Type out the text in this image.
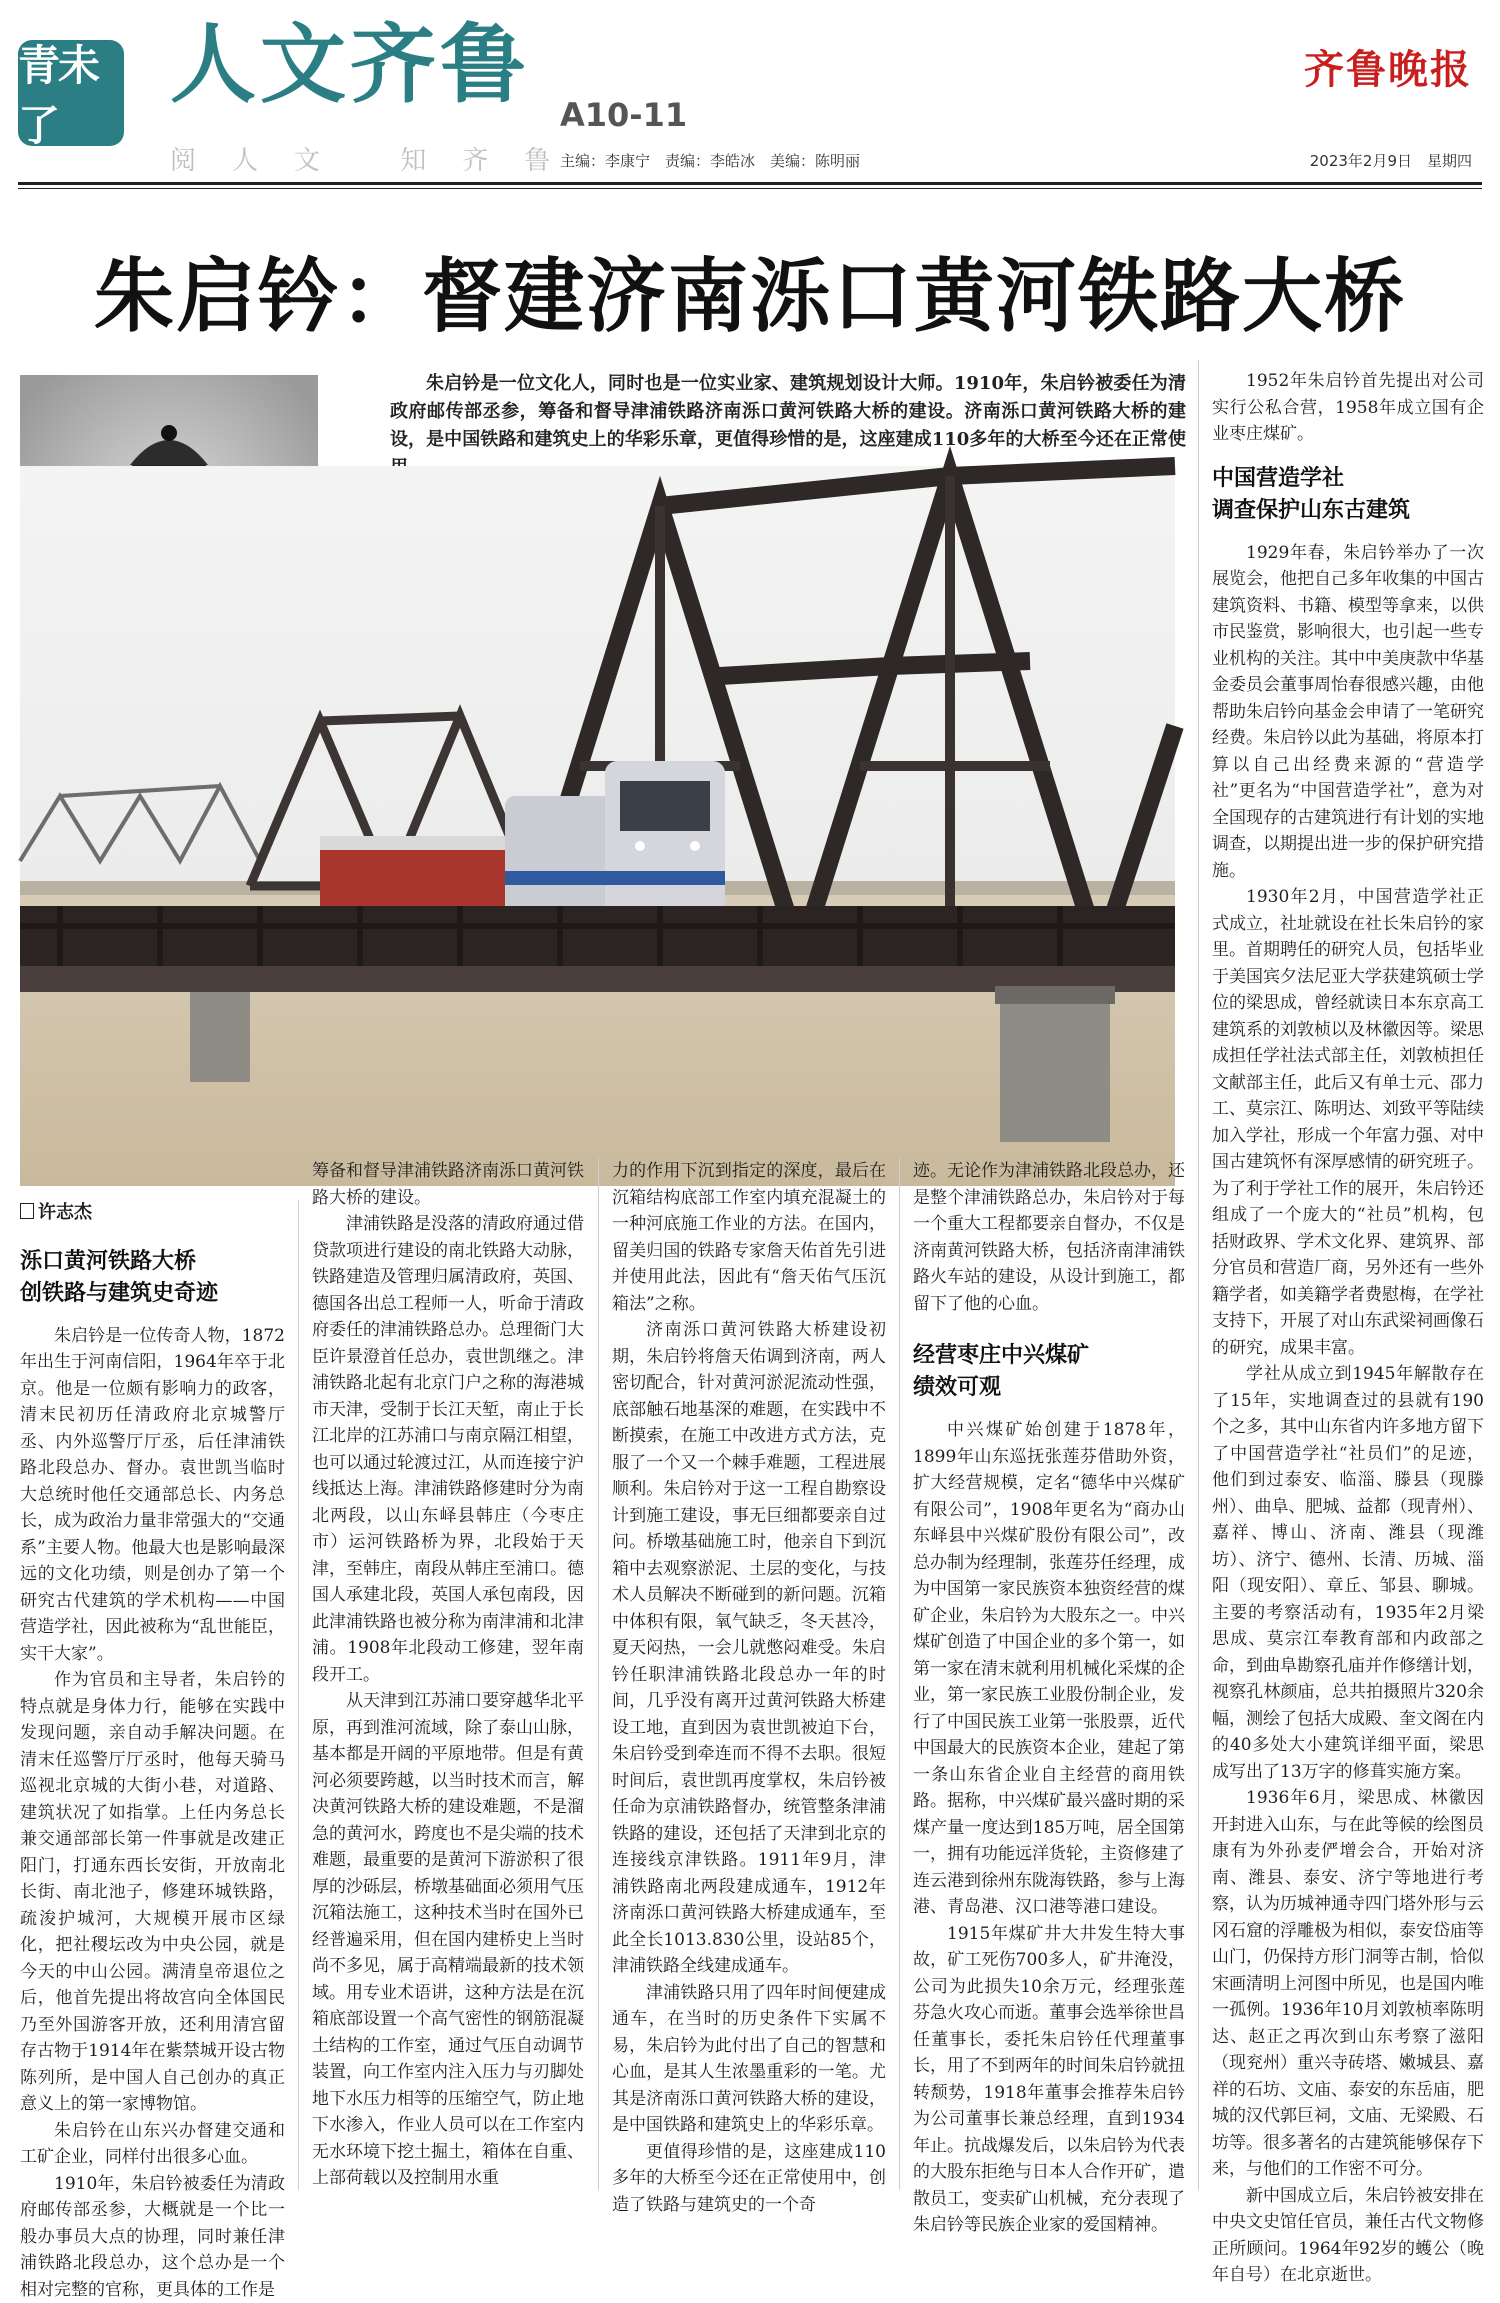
青未了
人文齐鲁 A10-11
阅人文 知齐鲁
主编：李康宁　责编：李皓冰　美编：陈明丽
齐鲁晚报
2023年2月9日　星期四
朱启钤：督建济南泺口黄河铁路大桥
朱启钤是一位文化人，同时也是一位实业家、建筑规划设计大师。1910年，朱启钤被委任为清政府邮传部丞参，筹备和督导津浦铁路济南泺口黄河铁路大桥的建设。济南泺口黄河铁路大桥的建设，是中国铁路和建筑史上的华彩乐章，更值得珍惜的是，这座建成110多年的大桥至今还在正常使
许志杰
泺口黄河铁路大桥
创铁路与建筑史奇迹

朱启钤是一位传奇人物，1872年出生于河南信阳，1964年卒于北京。他是一位颇有影响力的政客，清末民初历任清政府北京城警厅丞、内外巡警厅厅丞，后任津浦铁路北段总办、督办。袁世凯当临时大总统时他任交通部总长、内务总长，成为政治力量非常强大的“交通系”主要人物。他最大也是影响最深远的文化功绩，则是创办了第一个研究古代建筑的学术机构——中国营造学社，因此被称为“乱世能臣，实干大家”。

作为官员和主导者，朱启钤的特点就是身体力行，能够在实践中发现问题，亲自动手解决问题。在清末任巡警厅厅丞时，他每天骑马巡视北京城的大街小巷，对道路、建筑状况了如指掌。上任内务总长兼交通部部长第一件事就是改建正阳门，打通东西长安街，开放南北长街、南北池子，修建环城铁路，疏浚护城河，大规模开展市区绿化，把社稷坛改为中央公园，就是今天的中山公园。满清皇帝退位之后，他首先提出将故宫向全体国民乃至外国游客开放，还利用清宫留存古物于1914年在紫禁城开设古物陈列所，是中国人自己创办的真正意义上的第一家博物馆。

朱启钤在山东兴办督建交通和工矿企业，同样付出很多心血。

1910年，朱启钤被委任为清政府邮传部丞参，大概就是一个比一般办事员大点的协理，同时兼任津浦铁路北段总办，这个总办是一个相对完整的官称，更具体的工作是

筹备和督导津浦铁路济南泺口黄河铁路大桥的建设。

津浦铁路是没落的清政府通过借贷款项进行建设的南北铁路大动脉，铁路建造及管理归属清政府，英国、德国各出总工程师一人，听命于清政府委任的津浦铁路总办。总理衙门大臣许景澄首任总办，袁世凯继之。津浦铁路北起有北京门户之称的海港城市天津，受制于长江天堑，南止于长江北岸的江苏浦口与南京隔江相望，也可以通过轮渡过江，从而连接宁沪线抵达上海。津浦铁路修建时分为南北两段，以山东峄县韩庄（今枣庄市）运河铁路桥为界，北段始于天津，至韩庄，南段从韩庄至浦口。德国人承建北段，英国人承包南段，因此津浦铁路也被分称为南津浦和北津浦。1908年北段动工修建，翌年南段开工。

从天津到江苏浦口要穿越华北平原，再到淮河流域，除了泰山山脉，基本都是开阔的平原地带。但是有黄河必须要跨越，以当时技术而言，解决黄河铁路大桥的建设难题，不是溜急的黄河水，跨度也不是尖端的技术难题，最重要的是黄河下游淤积了很厚的沙砾层，桥墩基础面必须用气压沉箱法施工，这种技术当时在国外已经普遍采用，但在国内建桥史上当时尚不多见，属于高精端最新的技术领域。用专业术语讲，这种方法是在沉箱底部设置一个高气密性的钢筋混凝土结构的工作室，通过气压自动调节装置，向工作室内注入压力与刃脚处地下水压力相等的压缩空气，防止地下水渗入，作业人员可以在工作室内无水环境下挖土掘土，箱体在自重、上部荷载以及控制用水重

力的作用下沉到指定的深度，最后在沉箱结构底部工作室内填充混凝土的一种河底施工作业的方法。在国内，留美归国的铁路专家詹天佑首先引进并使用此法，因此有“詹天佑气压沉箱法”之称。

济南泺口黄河铁路大桥建设初期，朱启钤将詹天佑调到济南，两人密切配合，针对黄河淤泥流动性强，底部触石地基深的难题，在实践中不断摸索，在施工中改进方式方法，克服了一个又一个棘手难题，工程进展顺利。朱启钤对于这一工程自勘察设计到施工建设，事无巨细都要亲自过问。桥墩基础施工时，他亲自下到沉箱中去观察淤泥、土层的变化，与技术人员解决不断碰到的新问题。沉箱中体积有限，氧气缺乏，冬天甚冷，夏天闷热，一会儿就憋闷难受。朱启钤任职津浦铁路北段总办一年的时间，几乎没有离开过黄河铁路大桥建设工地，直到因为袁世凯被迫下台，朱启钤受到牵连而不得不去职。很短时间后，袁世凯再度掌权，朱启钤被任命为京浦铁路督办，统管整条津浦铁路的建设，还包括了天津到北京的连接线京津铁路。1911年9月，津浦铁路南北两段建成通车，1912年济南泺口黄河铁路大桥建成通车，至此全长1013.830公里，设站85个，津浦铁路全线建成通车。

津浦铁路只用了四年时间便建成通车，在当时的历史条件下实属不易，朱启钤为此付出了自己的智慧和心血，是其人生浓墨重彩的一笔。尤其是济南泺口黄河铁路大桥的建设，是中国铁路和建筑史上的华彩乐章。

更值得珍惜的是，这座建成110多年的大桥至今还在正常使用中，创造了铁路与建筑史的一个奇

迹。无论作为津浦铁路北段总办，还是整个津浦铁路总办，朱启钤对于每一个重大工程都要亲自督办，不仅是济南黄河铁路大桥，包括济南津浦铁路火车站的建设，从设计到施工，都留下了他的心血。

经营枣庄中兴煤矿
绩效可观

中兴煤矿始创建于1878年，1899年山东巡抚张莲芬借助外资，扩大经营规模，定名“德华中兴煤矿有限公司”，1908年更名为“商办山东峄县中兴煤矿股份有限公司”，改总办制为经理制，张莲芬任经理，成为中国第一家民族资本独资经营的煤矿企业，朱启钤为大股东之一。中兴煤矿创造了中国企业的多个第一，如第一家在清末就利用机械化采煤的企业，第一家民族工业股份制企业，发行了中国民族工业第一张股票，近代中国最大的民族资本企业，建起了第一条山东省企业自主经营的商用铁路。据称，中兴煤矿最兴盛时期的采煤产量一度达到185万吨，居全国第一，拥有功能远洋货轮，主资修建了连云港到徐州东陇海铁路，参与上海港、青岛港、汉口港等港口建设。

1915年煤矿井大井发生特大事故，矿工死伤700多人，矿井淹没，公司为此损失10余万元，经理张莲芬急火攻心而逝。董事会选举徐世昌任董事长，委托朱启钤任代理董事长，用了不到两年的时间朱启钤就扭转颓势，1918年董事会推荐朱启钤为公司董事长兼总经理，直到1934年止。抗战爆发后，以朱启钤为代表的大股东拒绝与日本人合作开矿，遣散员工，变卖矿山机械，充分表现了朱启钤等民族企业家的爱国精神。

1952年朱启钤首先提出对公司实行公私合营，1958年成立国有企业枣庄煤矿。

中国营造学社
调查保护山东古建筑

1929年春，朱启钤举办了一次展览会，他把自己多年收集的中国古建筑资料、书籍、模型等拿来，以供市民鉴赏，影响很大，也引起一些专业机构的关注。其中中美庚款中华基金委员会董事周怡春很感兴趣，由他帮助朱启钤向基金会申请了一笔研究经费。朱启钤以此为基础，将原本打算以自己出经费来源的“营造学社”更名为“中国营造学社”，意为对全国现存的古建筑进行有计划的实地调查，以期提出进一步的保护研究措施。

1930年2月，中国营造学社正式成立，社址就设在社长朱启钤的家里。首期聘任的研究人员，包括毕业于美国宾夕法尼亚大学获建筑硕士学位的梁思成，曾经就读日本东京高工建筑系的刘敦桢以及林徽因等。梁思成担任学社法式部主任，刘敦桢担任文献部主任，此后又有单士元、邵力工、莫宗江、陈明达、刘致平等陆续加入学社，形成一个年富力强、对中国古建筑怀有深厚感情的研究班子。为了利于学社工作的展开，朱启钤还组成了一个庞大的“社员”机构，包括财政界、学术文化界、建筑界、部分官员和营造厂商，另外还有一些外籍学者，如美籍学者费慰梅，在学社支持下，开展了对山东武梁祠画像石的研究，成果丰富。

学社从成立到1945年解散存在了15年，实地调查过的县就有190个之多，其中山东省内许多地方留下了中国营造学社“社员们”的足迹，他们到过泰安、临淄、滕县（现滕州）、曲阜、肥城、益都（现青州）、嘉祥、博山、济南、潍县（现潍坊）、济宁、德州、长清、历城、淄阳（现安阳）、章丘、邹县、聊城。主要的考察活动有，1935年2月梁思成、莫宗江奉教育部和内政部之命，到曲阜勘察孔庙并作修缮计划，视察孔林颜庙，总共拍摄照片320余幅，测绘了包括大成殿、奎文阁在内的40多处大小建筑详细平面，梁思成写出了13万字的修葺实施方案。

1936年6月，梁思成、林徽因开封进入山东，与在此等候的绘图员康有为外孙麦俨增会合，开始对济南、潍县、泰安、济宁等地进行考察，认为历城神通寺四门塔外形与云冈石窟的浮雕极为相似，泰安岱庙等山门，仍保持方形门洞等古制，恰似宋画清明上河图中所见，也是国内唯一孤例。1936年10月刘敦桢率陈明达、赵正之再次到山东考察了滋阳（现兖州）重兴寺砖塔、嫩城县、嘉祥的石坊、文庙、泰安的东岳庙，肥城的汉代郭巨祠，文庙、无梁殿、石坊等。很多著名的古建筑能够保存下来，与他们的工作密不可分。

新中国成立后，朱启钤被安排在中央文史馆任官员，兼任古代文物修正所顾问。1964年92岁的蠖公（晚年自号）在北京逝世。
